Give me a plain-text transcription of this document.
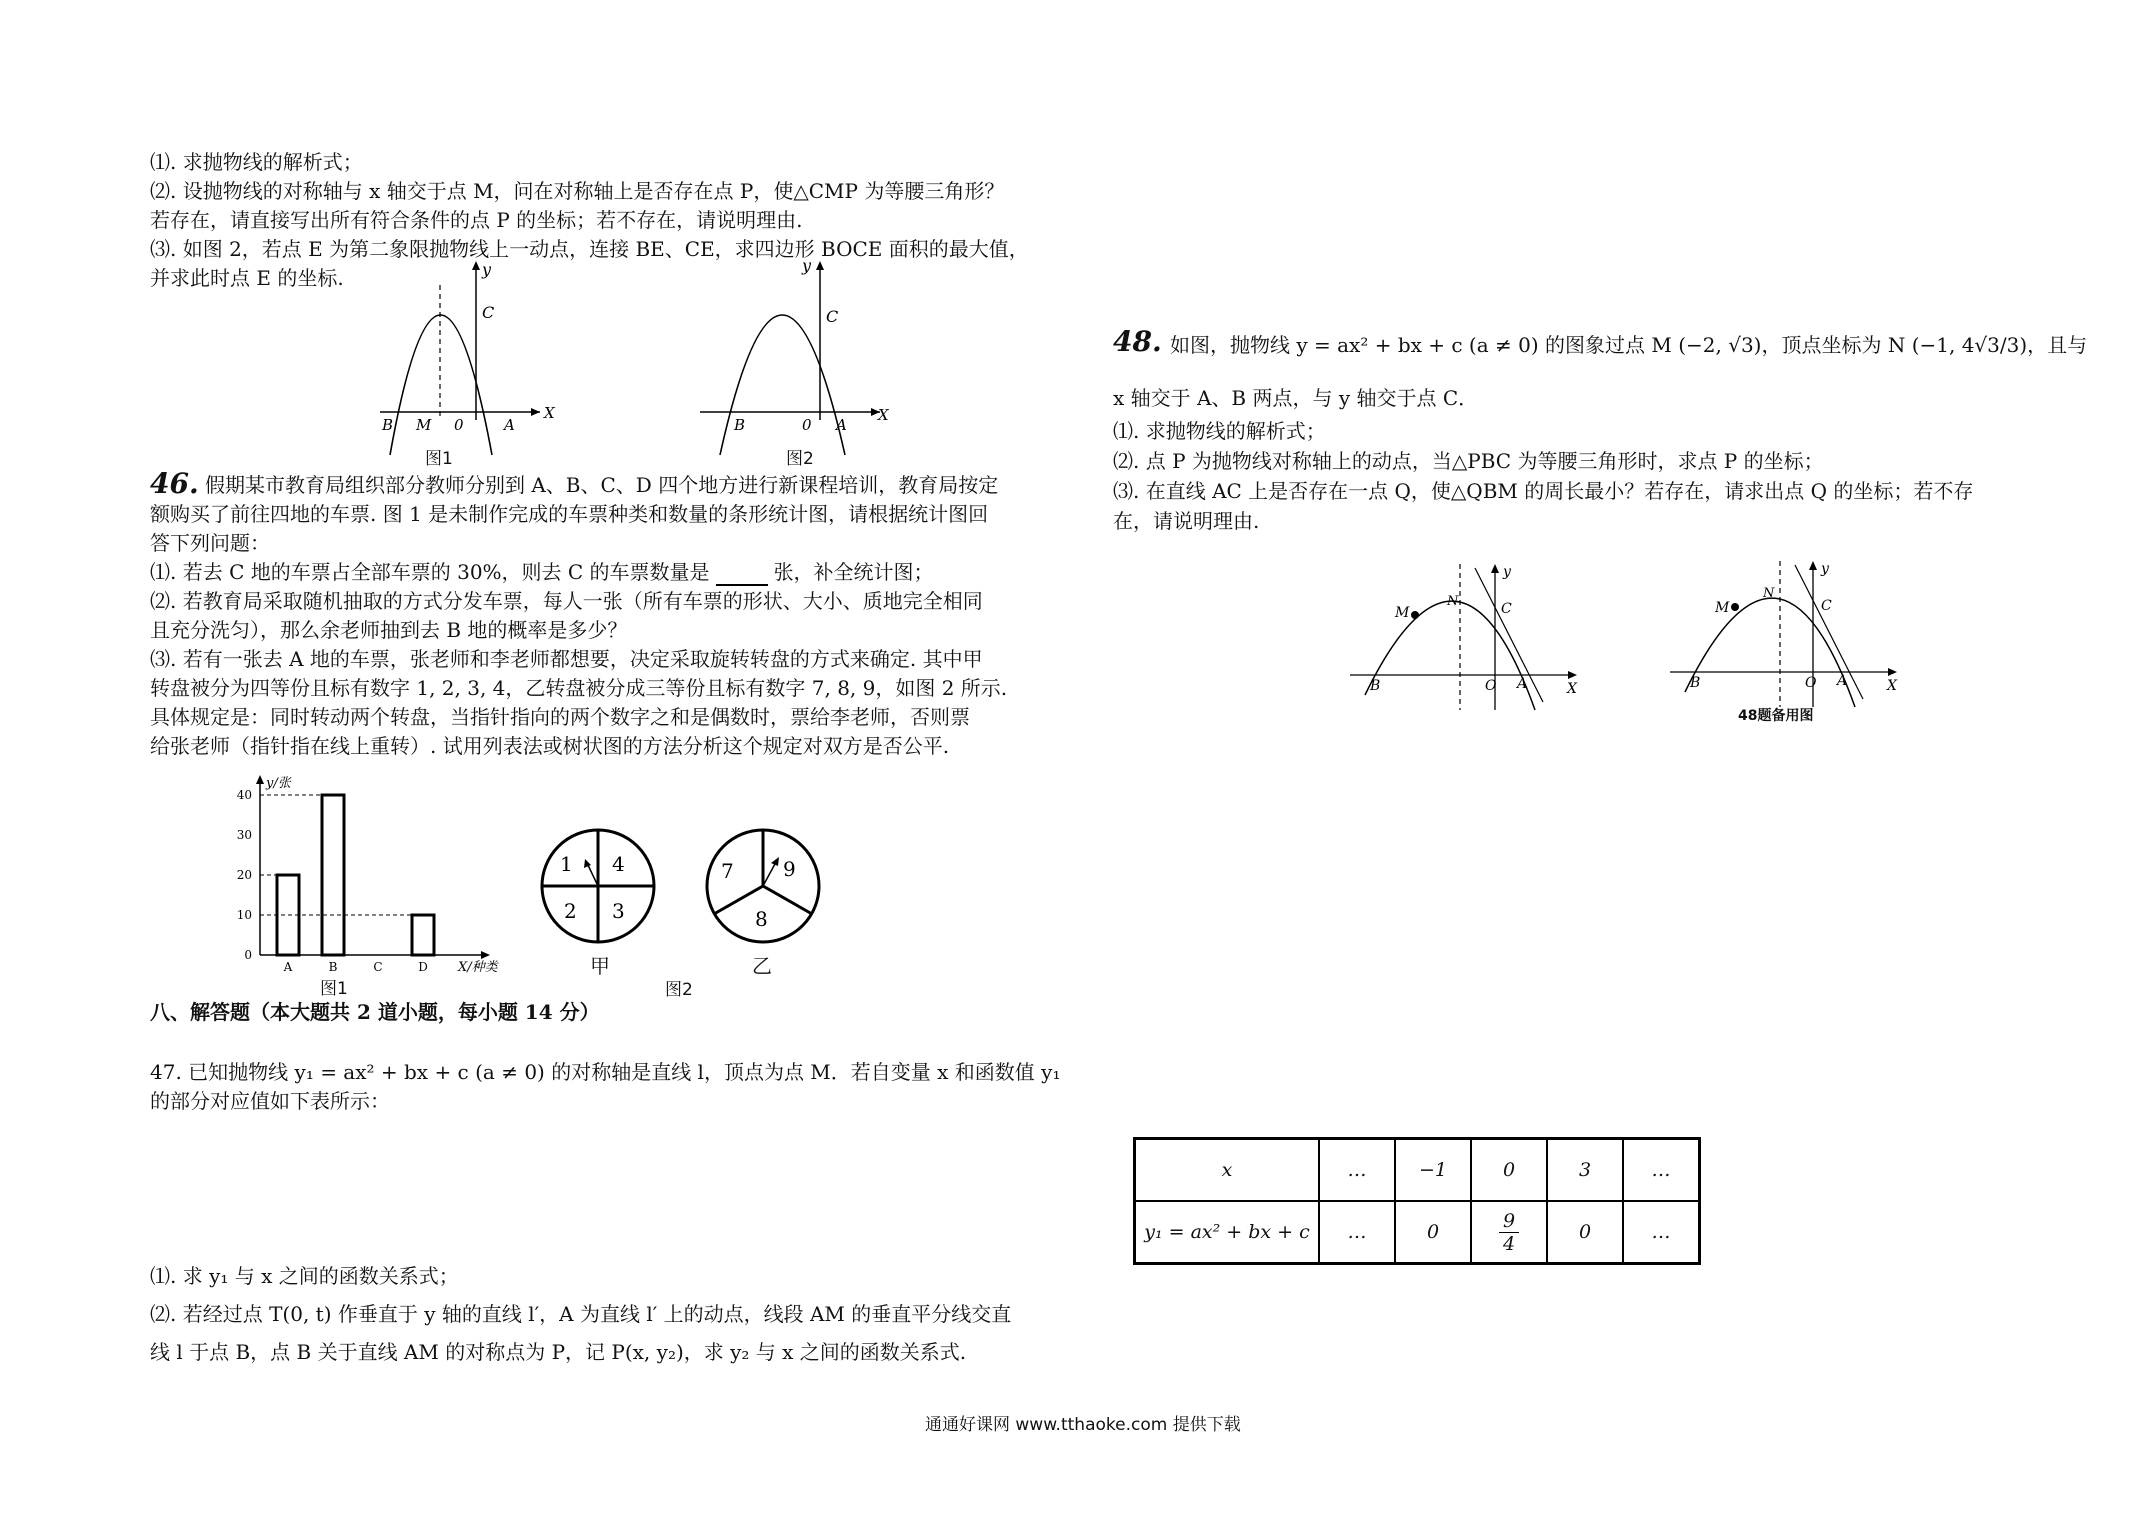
⑴. 求抛物线的解析式；
⑵. 设抛物线的对称轴与 x 轴交于点 M，问在对称轴上是否存在点 P，使△CMP 为等腰三角形？
若存在，请直接写出所有符合条件的点 P 的坐标；若不存在，请说明理由.
⑶. 如图 2，若点 E 为第二象限抛物线上一动点，连接 BE、CE，求四边形 BOCE 面积的最大值，
并求此时点 E 的坐标.	y
C
B M 0	A
X
图1
y
C
B	0 A
X
图2
46. 假期某市教育局组织部分教师分别到 A、B、C、D 四个地方进行新课程培训，教育局按定
额购买了前往四地的车票. 图 1 是未制作完成的车票种类和数量的条形统计图，请根据统计图回
答下列问题：
⑴. 若去 C 地的车票占全部车票的 30%，则去 C 的车票数量是	张，补全统计图；
⑵. 若教育局采取随机抽取的方式分发车票，每人一张（所有车票的形状、大小、质地完全相同
且充分洗匀），那么余老师抽到去 B 地的概率是多少？
⑶. 若有一张去 A 地的车票，张老师和李老师都想要，决定采取旋转转盘的方式来确定. 其中甲
转盘被分为四等份且标有数字 1, 2, 3, 4，乙转盘被分成三等份且标有数字 7, 8, 9，如图 2 所示.
具体规定是：同时转动两个转盘，当指针指向的两个数字之和是偶数时，票给李老师，否则票
给张老师（指针指在线上重转）. 试用列表法或树状图的方法分析这个规定对双方是否公平.
0
10
20
30
40
A	B	C	D
y/张
X/种类
图1
1 4
2 3
甲
7 9
8
乙
图2
八、解答题（本大题共 2 道小题，每小题 14 分）
47. 已知抛物线 y₁ = ax² + bx + c (a ≠ 0) 的对称轴是直线 l，顶点为点 M．若自变量 x 和函数值 y₁
的部分对应值如下表所示：
⑴. 求 y₁ 与 x 之间的函数关系式；
⑵. 若经过点 T(0, t) 作垂直于 y 轴的直线 l′，A 为直线 l′ 上的动点，线段 AM 的垂直平分线交直
线 l 于点 B，点 B 关于直线 AM 的对称点为 P，记 P(x, y₂)，求 y₂ 与 x 之间的函数关系式.
48. 如图，抛物线 y = ax² + bx + c (a ≠ 0) 的图象过点 M (−2, √3)，顶点坐标为 N (−1, 4√3/3)，且与
x 轴交于 A、B 两点，与 y 轴交于点 C．
⑴. 求抛物线的解析式；
⑵. 点 P 为抛物线对称轴上的动点，当△PBC 为等腰三角形时，求点 P 的坐标；
⑶. 在直线 AC 上是否存在一点 Q，使△QBM 的周长最小？若存在，请求出点 Q 的坐标；若不存
在，请说明理由.
y
M
N	C
B	O A	X
y
M
N
C
B	O A	X
48题备用图
x	…	−1	0	3	…
y₁ = ax² + bx + c	…	0	$\frac{9}{4}$	0	…
通通好课网 www.tthaoke.com 提供下载
